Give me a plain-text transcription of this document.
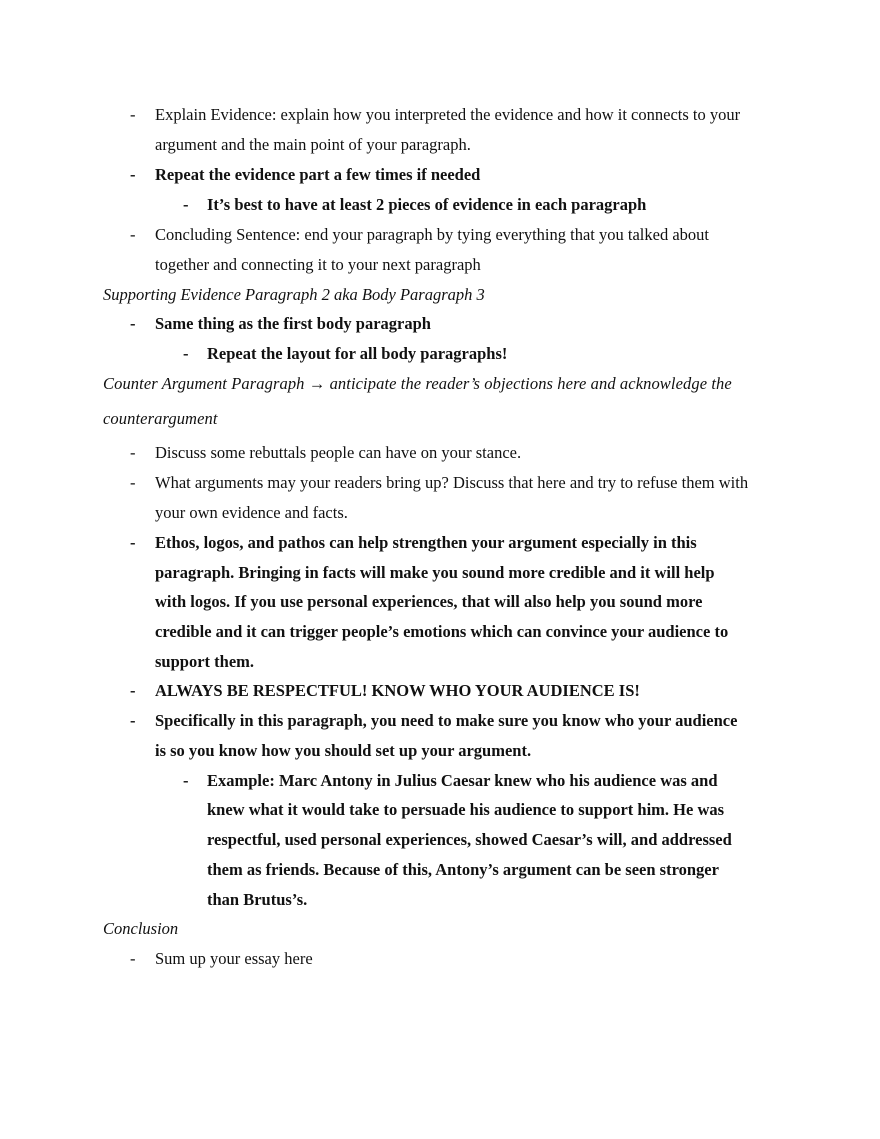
- Explain Evidence: explain how you interpreted the evidence and how it connects to your
argument and the main point of your paragraph.
- Repeat the evidence part a few times if needed
- It’s best to have at least 2 pieces of evidence in each paragraph
- Concluding Sentence: end your paragraph by tying everything that you talked about
together and connecting it to your next paragraph
Supporting Evidence Paragraph 2 aka Body Paragraph 3
- Same thing as the first body paragraph
- Repeat the layout for all body paragraphs!
Counter Argument Paragraph → anticipate the reader’s objections here and acknowledge the
counterargument
- Discuss some rebuttals people can have on your stance.
- What arguments may your readers bring up? Discuss that here and try to refuse them with
your own evidence and facts.
- Ethos, logos, and pathos can help strengthen your argument especially in this
paragraph. Bringing in facts will make you sound more credible and it will help
with logos. If you use personal experiences, that will also help you sound more
credible and it can trigger people’s emotions which can convince your audience to
support them.
- ALWAYS BE RESPECTFUL! KNOW WHO YOUR AUDIENCE IS!
- Specifically in this paragraph, you need to make sure you know who your audience
is so you know how you should set up your argument.
- Example: Marc Antony in Julius Caesar knew who his audience was and
knew what it would take to persuade his audience to support him. He was
respectful, used personal experiences, showed Caesar’s will, and addressed
them as friends. Because of this, Antony’s argument can be seen stronger
than Brutus’s.
Conclusion
- Sum up your essay here
